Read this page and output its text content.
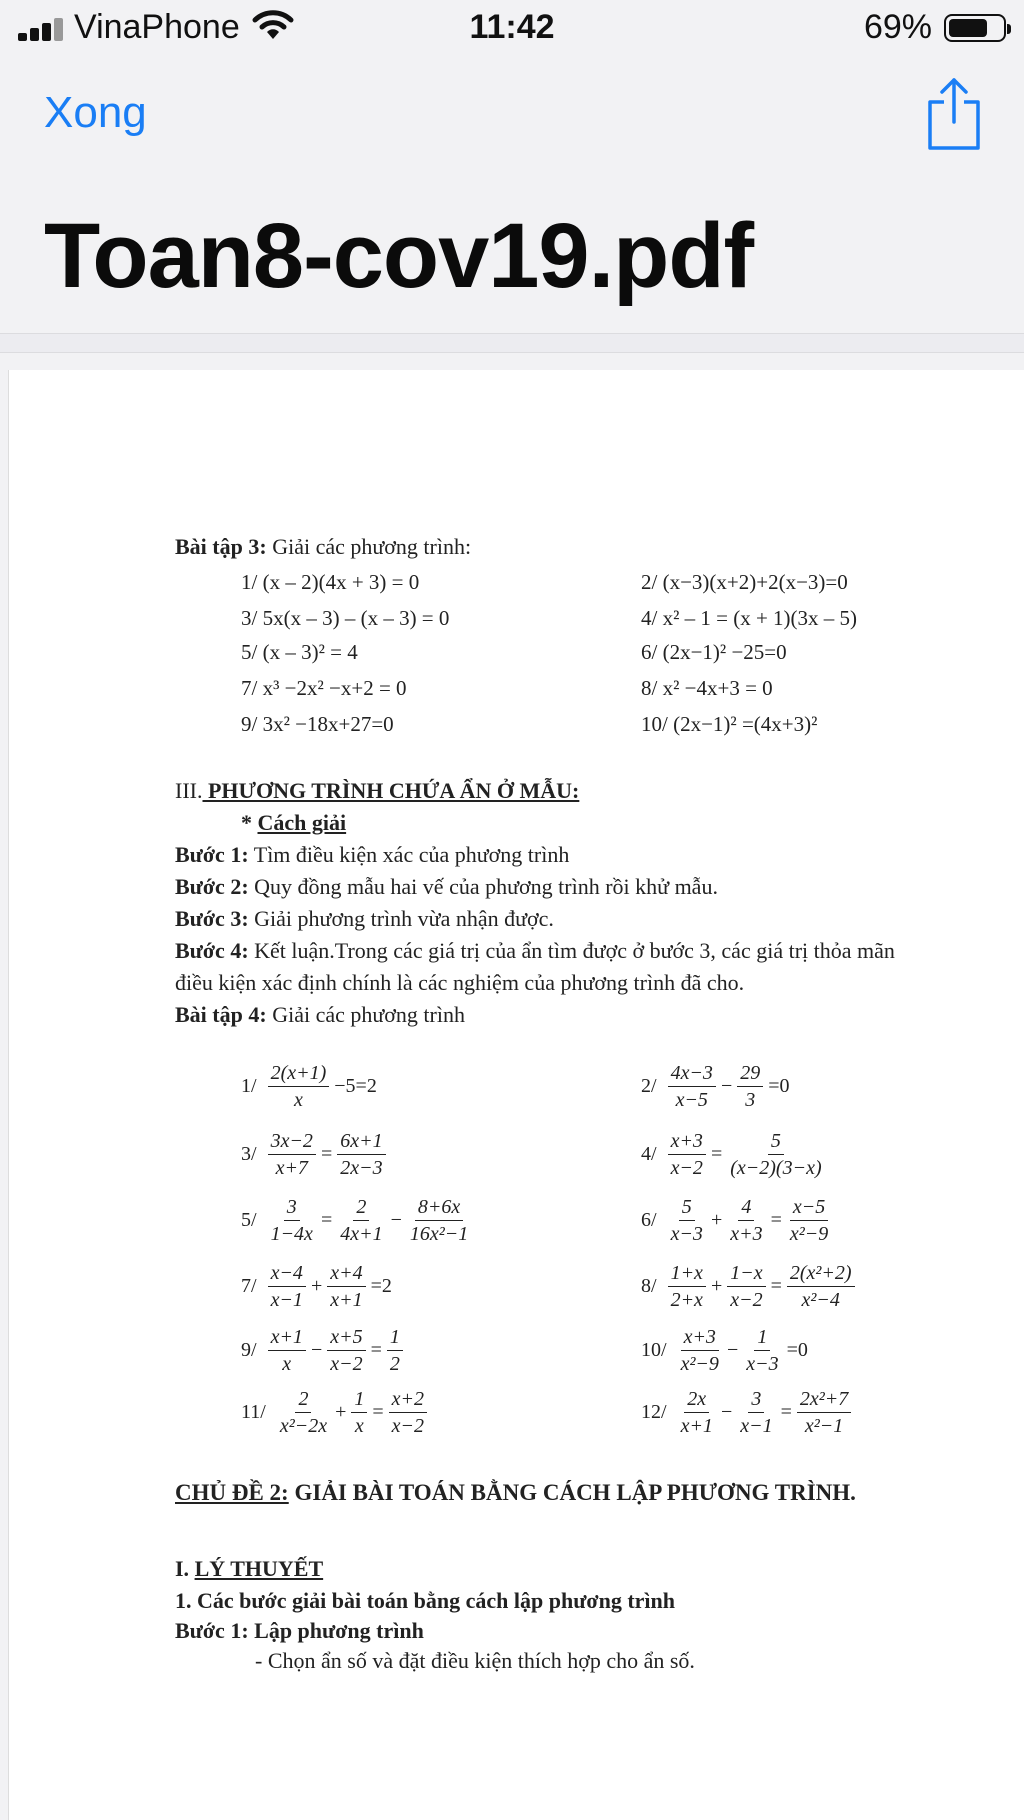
VinaPhone	11:42	69%
Xong
Toan8-cov19.pdf
Bài tập 3: Giải các phương trình:
1/ (x – 2)(4x + 3) = 0	2/ (x−3)(x+2)+2(x−3)=0
3/ 5x(x – 3) – (x – 3) = 0	4/ x² – 1 = (x + 1)(3x – 5)
5/ (x – 3)² = 4	6/ (2x−1)² −25=0
7/ x³ −2x² −x+2 = 0	8/ x² −4x+3 = 0
9/ 3x² −18x+27=0	10/ (2x−1)² =(4x+3)²
III. PHƯƠNG TRÌNH CHỨA ẨN Ở MẪU:
* Cách giải
Bước 1: Tìm điều kiện xác của phương trình
Bước 2: Quy đồng mẫu hai vế của phương trình rồi khử mẫu.
Bước 3: Giải phương trình vừa nhận được.
Bước 4: Kết luận.Trong các giá trị của ẩn tìm được ở bước 3, các giá trị thỏa mãn
điều kiện xác định chính là các nghiệm của phương trình đã cho.
Bài tập 4: Giải các phương trình
$1/ \frac{2(x+1)}{x} -5=2$	$2/ \frac{4x-3}{x-5} - \frac{29}{3} =0$
$3/ \frac{3x-2}{x+7} = \frac{6x+1}{2x-3}$	$4/ \frac{x+3}{x-2} = \frac{5}{(x-2)(3-x)}$
$5/ \frac{3}{1-4x} = \frac{2}{4x+1} - \frac{8+6x}{\text{16x²−1}}$	$6/ \frac{5}{x-3} + \frac{4}{x+3} = \frac{x-5}{\text{x²−9}}$
$7/ \frac{x-4}{x-1} + \frac{x+4}{x+1} =2$	$8/ \frac{1+x}{2+x} + \frac{1-x}{x-2} = \frac{\text{2(x²+2)}}{\text{x²−4}}$
$9/ \frac{x+1}{x} - \frac{x+5}{x-2} = \frac{1}{2}$	$10/ \frac{x+3}{\text{x²−9}} - \frac{1}{x-3} =0$
$11/ \frac{2}{\text{x²−2x}} + \frac{1}{x} = \frac{x+2}{x-2}$	$12/ \frac{2x}{x+1} - \frac{3}{x-1} = \frac{\text{2x²+7}}{\text{x²−1}}$
CHỦ ĐỀ 2: GIẢI BÀI TOÁN BẰNG CÁCH LẬP PHƯƠNG TRÌNH.
I. LÝ THUYẾT
1. Các bước giải bài toán bằng cách lập phương trình
Bước 1: Lập phương trình
- Chọn ẩn số và đặt điều kiện thích hợp cho ẩn số.
